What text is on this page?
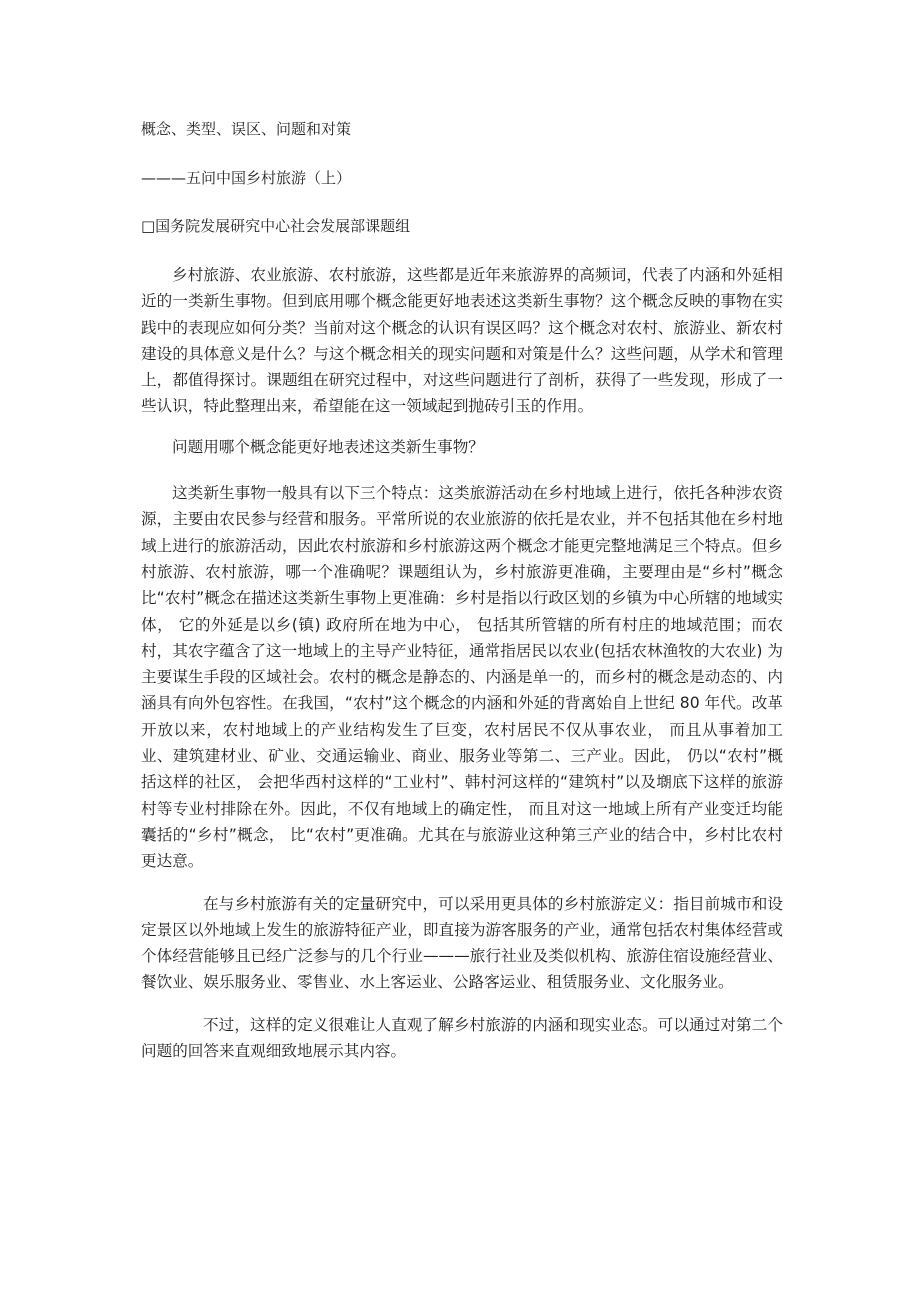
概念、类型、误区、问题和对策

———五问中国乡村旅游（上）

□国务院发展研究中心社会发展部课题组

乡村旅游、农业旅游、农村旅游，这些都是近年来旅游界的高频词，代表了内涵和外延相近的一类新生事物。但到底用哪个概念能更好地表述这类新生事物？这个概念反映的事物在实践中的表现应如何分类？当前对这个概念的认识有误区吗？这个概念对农村、旅游业、新农村建设的具体意义是什么？与这个概念相关的现实问题和对策是什么？这些问题，从学术和管理上，都值得探讨。课题组在研究过程中，对这些问题进行了剖析，获得了一些发现，形成了一些认识，特此整理出来，希望能在这一领域起到抛砖引玉的作用。

问题用哪个概念能更好地表述这类新生事物？

这类新生事物一般具有以下三个特点：这类旅游活动在乡村地域上进行，依托各种涉农资源，主要由农民参与经营和服务。平常所说的农业旅游的依托是农业，并不包括其他在乡村地域上进行的旅游活动，因此农村旅游和乡村旅游这两个概念才能更完整地满足三个特点。但乡村旅游、农村旅游，哪一个准确呢？课题组认为，乡村旅游更准确，主要理由是“乡村”概念比“农村”概念在描述这类新生事物上更准确：乡村是指以行政区划的乡镇为中心所辖的地域实体， 它的外延是以乡(镇) 政府所在地为中心， 包括其所管辖的所有村庄的地域范围；而农村，其农字蕴含了这一地域上的主导产业特征，通常指居民以农业(包括农林渔牧的大农业) 为主要谋生手段的区域社会。农村的概念是静态的、内涵是单一的，而乡村的概念是动态的、内涵具有向外包容性。在我国，“农村”这个概念的内涵和外延的背离始自上世纪 80 年代。改革开放以来，农村地域上的产业结构发生了巨变，农村居民不仅从事农业， 而且从事着加工业、建筑建材业、矿业、交通运输业、商业、服务业等第二、三产业。因此， 仍以“农村”概括这样的社区， 会把华西村这样的“工业村”、韩村河这样的“建筑村”以及㙟底下这样的旅游村等专业村排除在外。因此，不仅有地域上的确定性， 而且对这一地域上所有产业变迁均能囊括的“乡村”概念， 比“农村”更准确。尤其在与旅游业这种第三产业的结合中，乡村比农村更达意。

在与乡村旅游有关的定量研究中，可以采用更具体的乡村旅游定义：指目前城市和设定景区以外地域上发生的旅游特征产业，即直接为游客服务的产业，通常包括农村集体经营或个体经营能够且已经广泛参与的几个行业———旅行社业及类似机构、旅游住宿设施经营业、餐饮业、娱乐服务业、零售业、水上客运业、公路客运业、租赁服务业、文化服务业。

不过，这样的定义很难让人直观了解乡村旅游的内涵和现实业态。可以通过对第二个问题的回答来直观细致地展示其内容。
